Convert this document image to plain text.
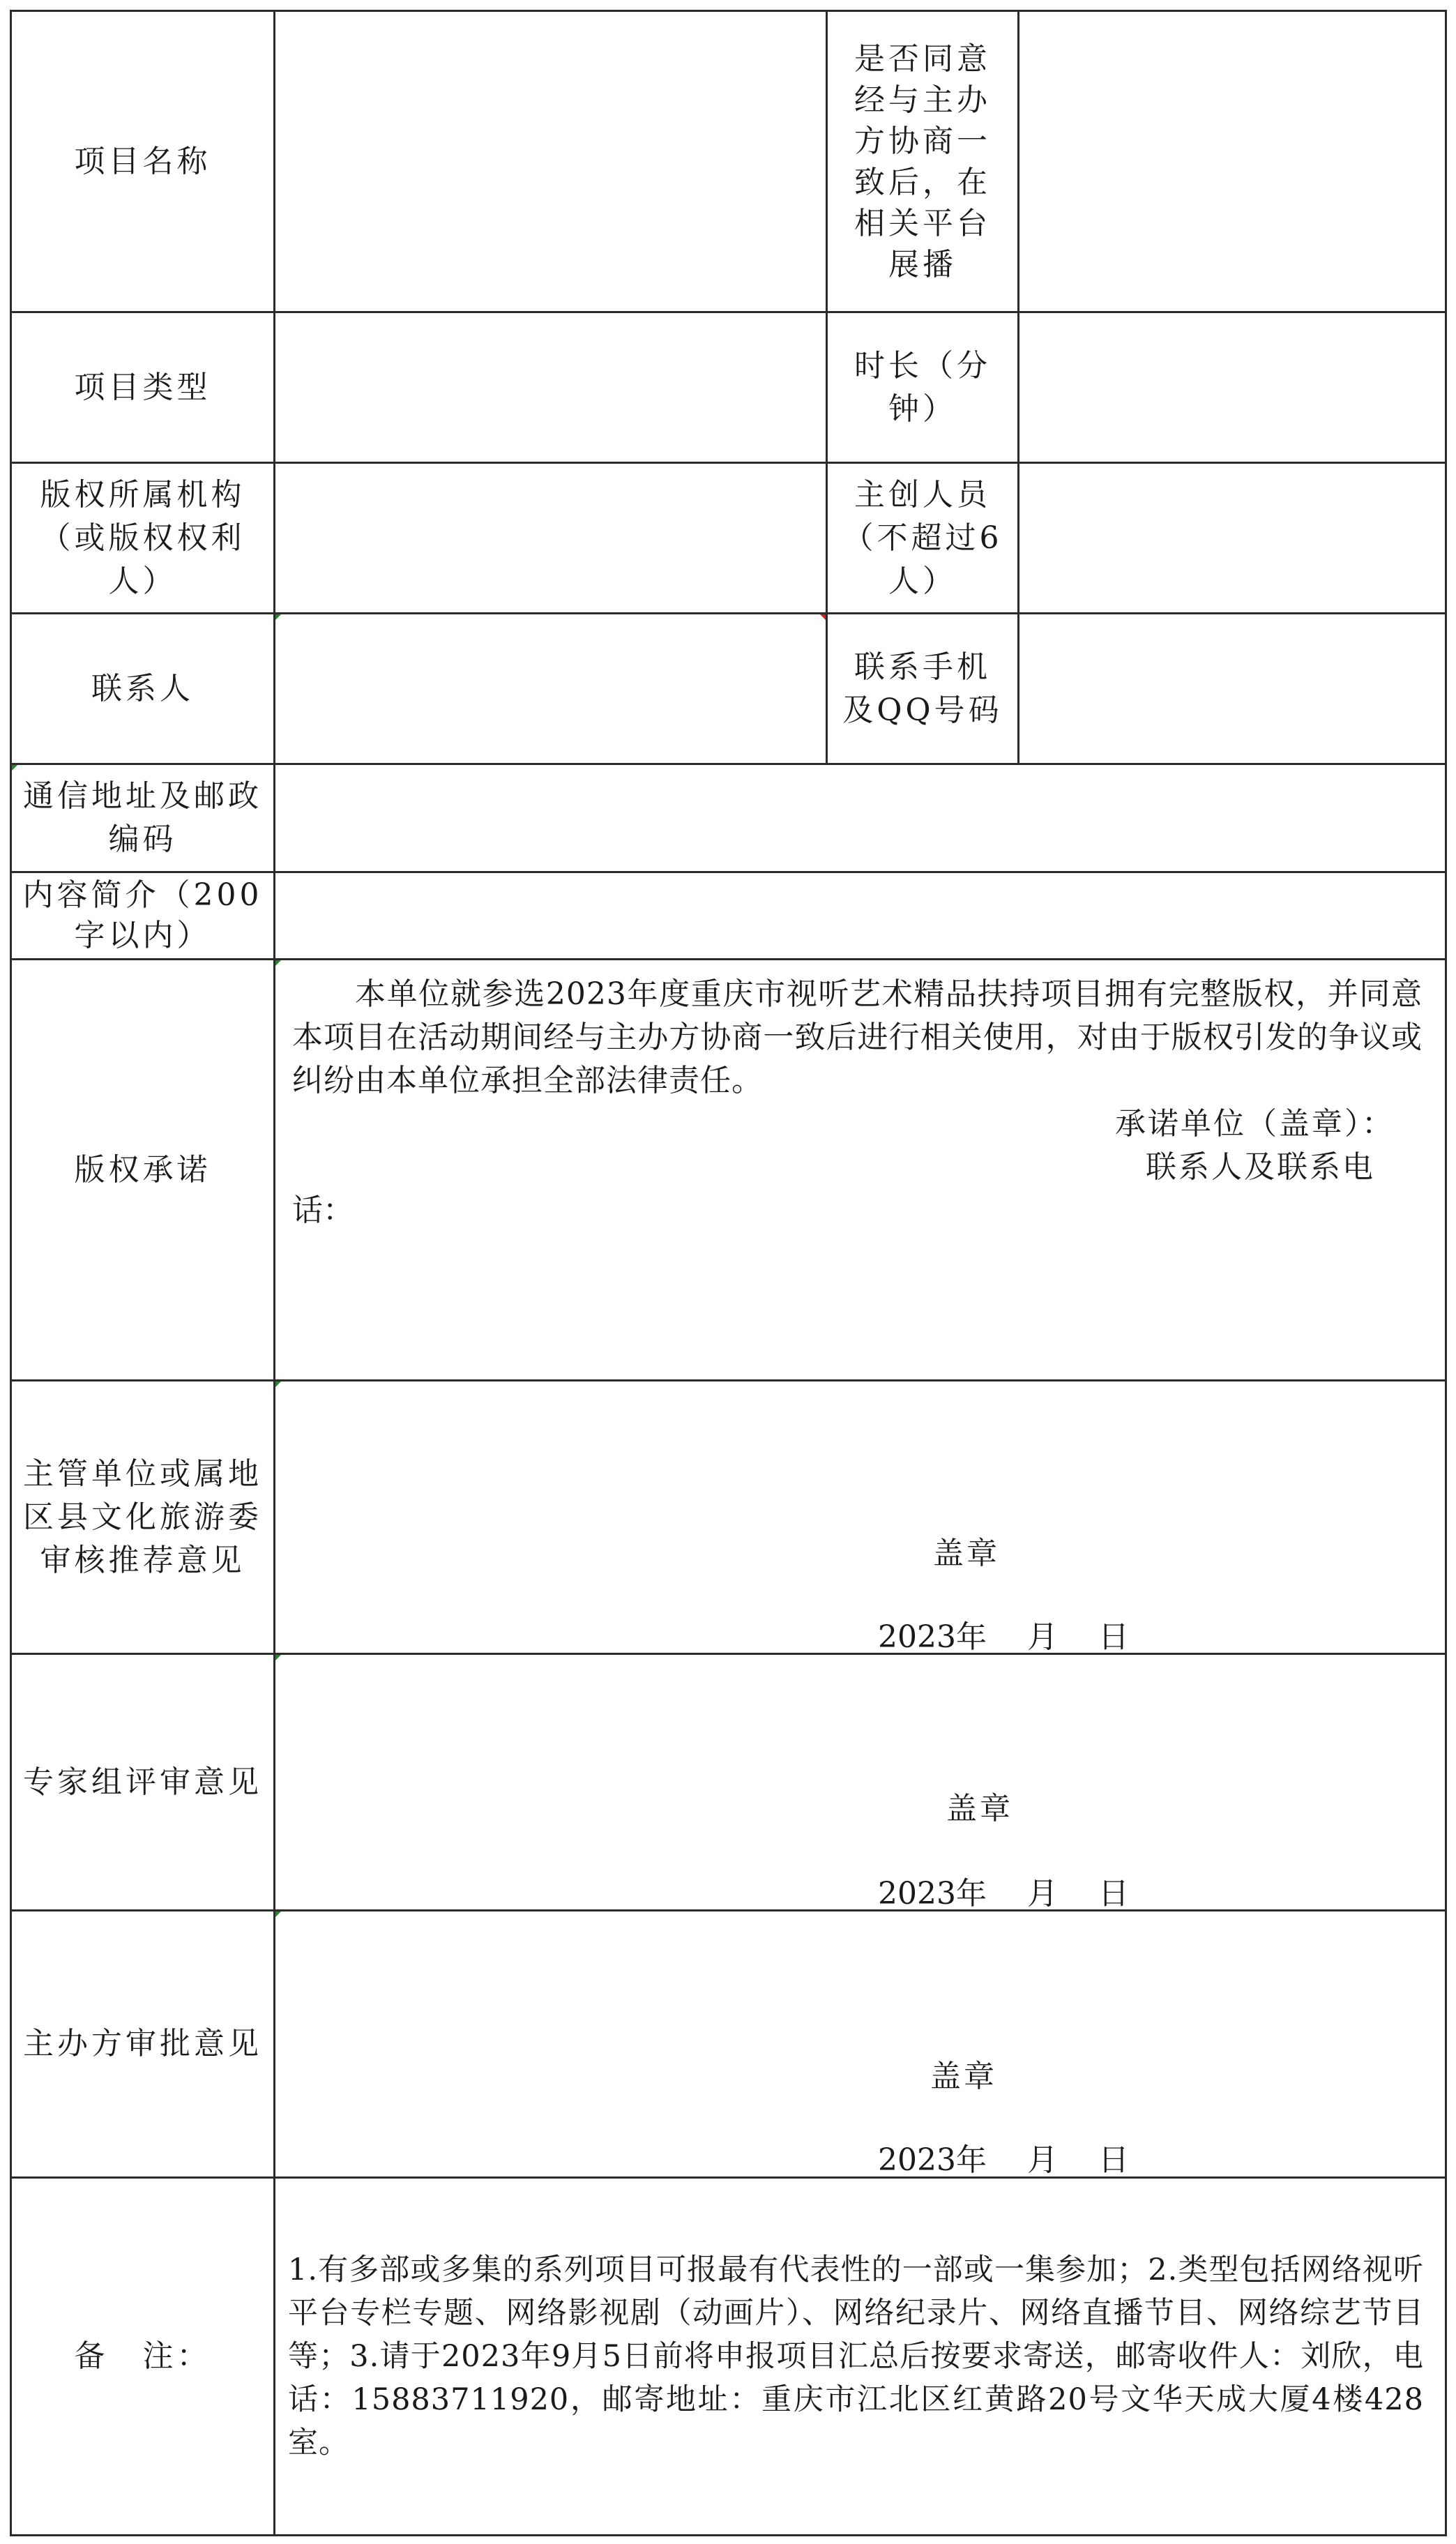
项目名称		是否同意经与主办方协商一致后，在相关平台展播	

项目类型		时长（分钟）	

版权所属机构（或版权权利人）		主创人员（不超过6人）	

联系人		联系手机及QQ号码	

通信地址及邮政编码			

内容简介（200字以内）			

版权承诺	本单位就参选2023年度重庆市视听艺术精品扶持项目拥有完整版权，并同意本项目在活动期间经与主办方协商一致后进行相关使用，对由于版权引发的争议或纠纷由本单位承担全部法律责任。
承诺单位（盖章）：
联系人及联系电
话：		

主管单位或属地区县文化旅游委审核推荐意见	盖章
2023年　 月　 日		

专家组评审意见	盖章
2023年　 月　 日		

主办方审批意见	盖章
2023年　 月　 日		

备　注：	1.有多部或多集的系列项目可报最有代表性的一部或一集参加；2.类型包括网络视听平台专栏专题、网络影视剧（动画片）、网络纪录片、网络直播节目、网络综艺节目等；3.请于2023年9月5日前将申报项目汇总后按要求寄送，邮寄收件人：刘欣，电话：15883711920，邮寄地址：重庆市江北区红黄路20号文华天成大厦4楼428室。		
